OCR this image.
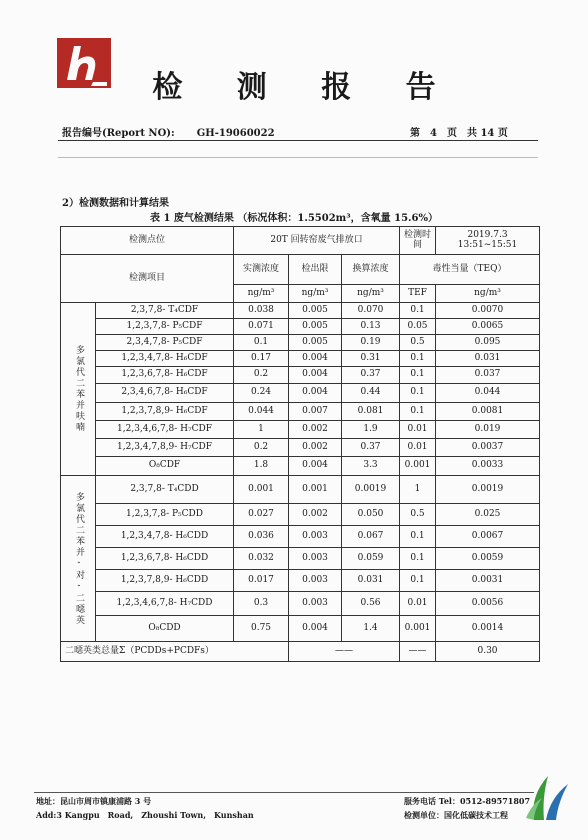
检 测 报 告
报告编号(Report NO): GH-19060022	第 4 页 共 14 页
2）检测数据和计算结果
表 1 废气检测结果 （标况体积：1.5502m³，含氧量 15.6%）
检测点位		20T 回转窑废气排放口			检测时间	2019.7.3　13:51~15:51
检测项目		实测浓度	检出限	换算浓度	毒性当量（TEQ）	
		ng/m³	ng/m³	ng/m³	TEF	ng/m³

多氯代二苯并呋喃	2,3,7,8- T₄CDF	0.038	0.005	0.070	0.1	0.0070
	1,2,3,7,8- P₅CDF	0.071	0.005	0.13	0.05	0.0065
	2,3,4,7,8- P₅CDF	0.1	0.005	0.19	0.5	0.095
	1,2,3,4,7,8- H₆CDF	0.17	0.004	0.31	0.1	0.031
	1,2,3,6,7,8- H₆CDF	0.2	0.004	0.37	0.1	0.037
	2,3,4,6,7,8- H₆CDF	0.24	0.004	0.44	0.1	0.044
	1,2,3,7,8,9- H₆CDF	0.044	0.007	0.081	0.1	0.0081
	1,2,3,4,6,7,8- H₇CDF	1	0.002	1.9	0.01	0.019
	1,2,3,4,7,8,9- H₇CDF	0.2	0.002	0.37	0.01	0.0037
	O₈CDF	1.8	0.004	3.3	0.001	0.0033

多氯代二苯并-对-二噁英	2,3,7,8- T₄CDD	0.001	0.001	0.0019	1	0.0019
	1,2,3,7,8- P₅CDD	0.027	0.002	0.050	0.5	0.025
	1,2,3,4,7,8- H₆CDD	0.036	0.003	0.067	0.1	0.0067
	1,2,3,6,7,8- H₆CDD	0.032	0.003	0.059	0.1	0.0059
	1,2,3,7,8,9- H₆CDD	0.017	0.003	0.031	0.1	0.0031
	1,2,3,4,6,7,8- H₇CDD	0.3	0.003	0.56	0.01	0.0056
	O₈CDD	0.75	0.004	1.4	0.001	0.0014
二噁英类总量Σ（PCDDs+PCDFs）			——		——	0.30
地址：昆山市周市镇康浦路 3 号
Add:3 Kangpu　Road,　Zhoushi Town,　Kunshan
服务电话 Tel：0512-89571807
检测单位：国化低碳技术工程
